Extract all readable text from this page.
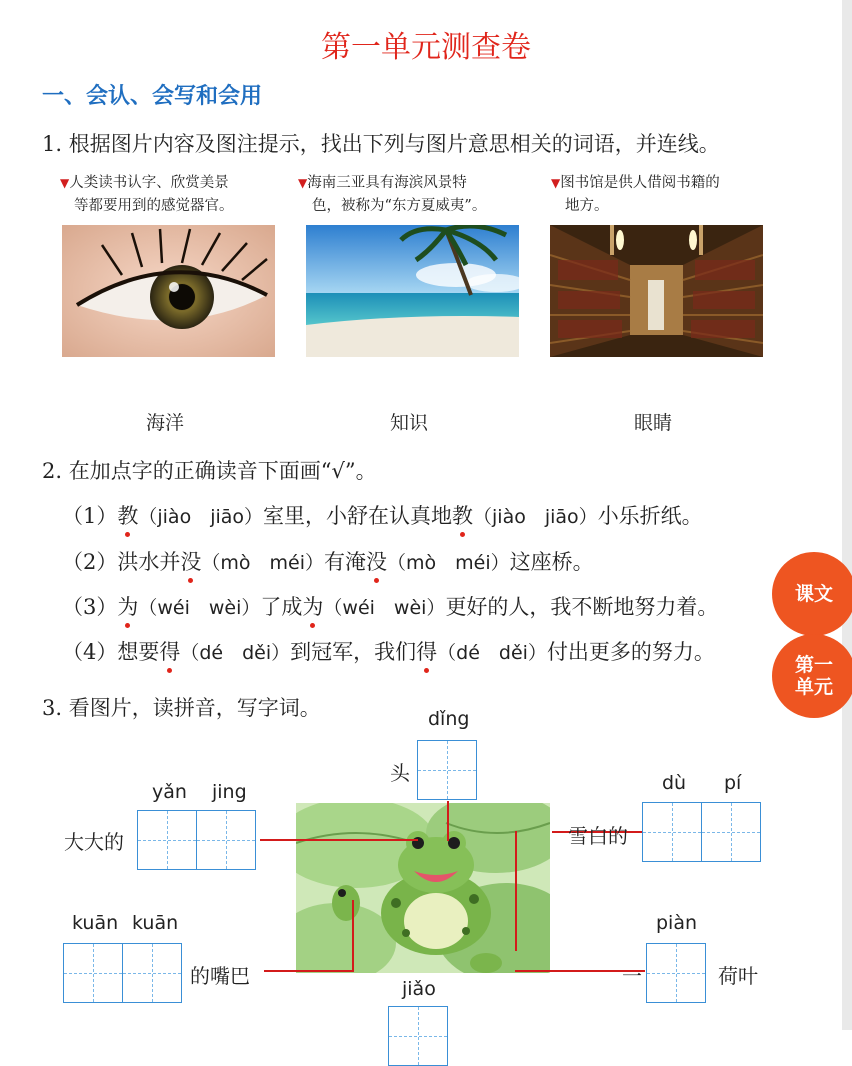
第一单元测查卷
一、会认、会写和会用
1. 根据图片内容及图注提示，找出下列与图片意思相关的词语，并连线。
▼人类读书认字、欣赏美景
等都要用到的感觉器官。
▼海南三亚具有海滨风景特
色，被称为“东方夏威夷”。
▼图书馆是供人借阅书籍的
地方。
海洋	知识	眼睛
2. 在加点字的正确读音下面画“√”。
（1）教（jiào　jiāo）室里，小舒在认真地教（jiào　jiāo）小乐折纸。
（2）洪水并没（mò　méi）有淹没（mò　méi）这座桥。
（3）为（wéi　wèi）了成为（wéi　wèi）更好的人，我不断地努力着。
（4）想要得（dé　děi）到冠军，我们得（dé　děi）付出更多的努力。
课文
第一
单元
3. 看图片，读拼音，写字词。	dǐng
头
yǎn jing
大大的
dù pí
雪白的
kuān kuān
的嘴巴
piàn
一	荷叶
jiǎo
